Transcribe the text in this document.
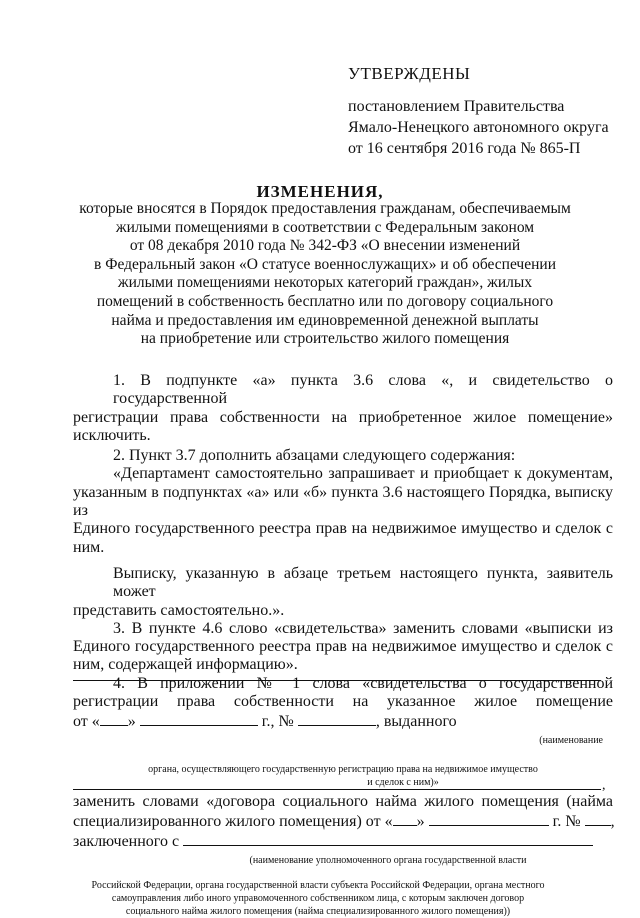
УТВЕРЖДЕНЫ
постановлением Правительства
Ямало-Ненецкого автономного округа
от 16 сентября 2016 года № 865-П
ИЗМЕНЕНИЯ,
которые вносятся в Порядок предоставления гражданам, обеспечиваемым
жилыми помещениями в соответствии с Федеральным законом
от 08 декабря 2010 года № 342-ФЗ «О внесении изменений
в Федеральный закон «О статусе военнослужащих» и об обеспечении
жилыми помещениями некоторых категорий граждан», жилых
помещений в собственность бесплатно или по договору социального
найма и предоставления им единовременной денежной выплаты
на приобретение или строительство жилого помещения
1. В подпункте «а» пункта 3.6 слова «, и свидетельство о государственной
регистрации права собственности на приобретенное жилое помещение»
исключить.
2. Пункт 3.7 дополнить абзацами следующего содержания:
«Департамент самостоятельно запрашивает и приобщает к документам,
указанным в подпунктах «а» или «б» пункта 3.6 настоящего Порядка, выписку из
Единого государственного реестра прав на недвижимое имущество и сделок с
ним.
Выписку, указанную в абзаце третьем настоящего пункта, заявитель может
представить самостоятельно.».
3. В пункте 4.6 слово «свидетельства» заменить словами «выписки из
Единого государственного реестра прав на недвижимое имущество и сделок с
ним, содержащей информацию».
4. В приложении № 1 слова «свидетельства о государственной
регистрации права собственности на указанное жилое помещение
от « »	г., №	, выданного
(наименование
органа, осуществляющего государственную регистрацию права на недвижимое имущество
и сделок с ним)»
заменить словами «договора социального найма жилого помещения (найма
специализированного жилого помещения) от « »	г. № ,
заключенного с
(наименование уполномоченного органа государственной власти
Российской Федерации, органа государственной власти субъекта Российской Федерации, органа местного
самоуправления либо иного управомоченного собственником лица, с которым заключен договор
социального найма жилого помещения (найма специализированного жилого помещения))
,
